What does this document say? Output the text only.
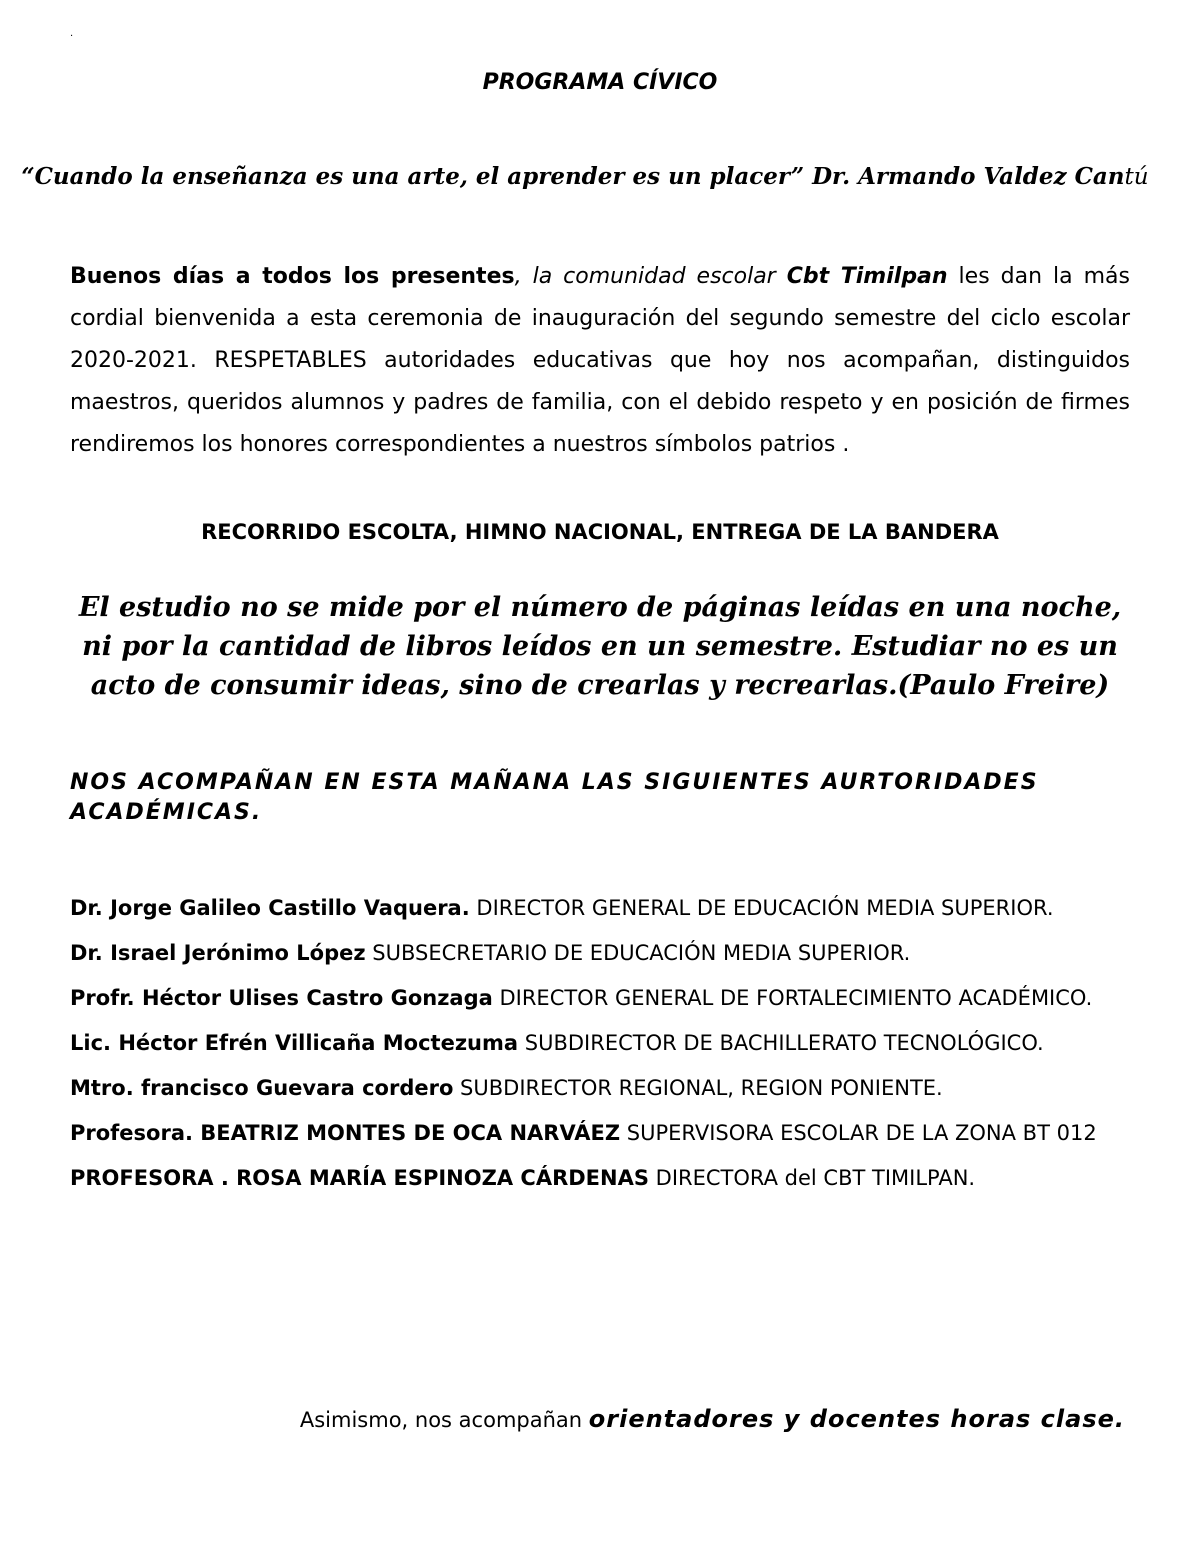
.
PROGRAMA CÍVICO
“Cuando la enseñanza es una arte, el aprender es un placer” Dr. Armando Valdez Cantú
Buenos días a todos los presentes, la comunidad escolar Cbt Timilpan les dan la más cordial bienvenida a esta ceremonia de inauguración del segundo semestre del ciclo escolar 2020-2021. RESPETABLES autoridades educativas que hoy nos acompañan, distinguidos maestros, queridos alumnos y padres de familia, con el debido respeto y en posición de firmes rendiremos los honores correspondientes a nuestros símbolos patrios .
RECORRIDO ESCOLTA, HIMNO NACIONAL, ENTREGA DE LA BANDERA
El estudio no se mide por el número de páginas leídas en una noche, ni por la cantidad de libros leídos en un semestre. Estudiar no es un acto de consumir ideas, sino de crearlas y recrearlas.(Paulo Freire)
NOS ACOMPAÑAN EN ESTA MAÑANA LAS SIGUIENTES AURTORIDADES ACADÉMICAS.
Dr. Jorge Galileo Castillo Vaquera. DIRECTOR GENERAL DE EDUCACIÓN MEDIA SUPERIOR.
Dr. Israel Jerónimo López SUBSECRETARIO DE EDUCACIÓN MEDIA SUPERIOR.
Profr. Héctor Ulises Castro Gonzaga DIRECTOR GENERAL DE FORTALECIMIENTO ACADÉMICO.
Lic. Héctor Efrén Villicaña Moctezuma SUBDIRECTOR DE BACHILLERATO TECNOLÓGICO.
Mtro. francisco Guevara cordero SUBDIRECTOR REGIONAL, REGION PONIENTE.
Profesora. BEATRIZ MONTES DE OCA NARVÁEZ SUPERVISORA ESCOLAR DE LA ZONA BT 012
PROFESORA . ROSA MARÍA ESPINOZA CÁRDENAS DIRECTORA del CBT TIMILPAN.
Asimismo, nos acompañan orientadores y docentes horas clase.
